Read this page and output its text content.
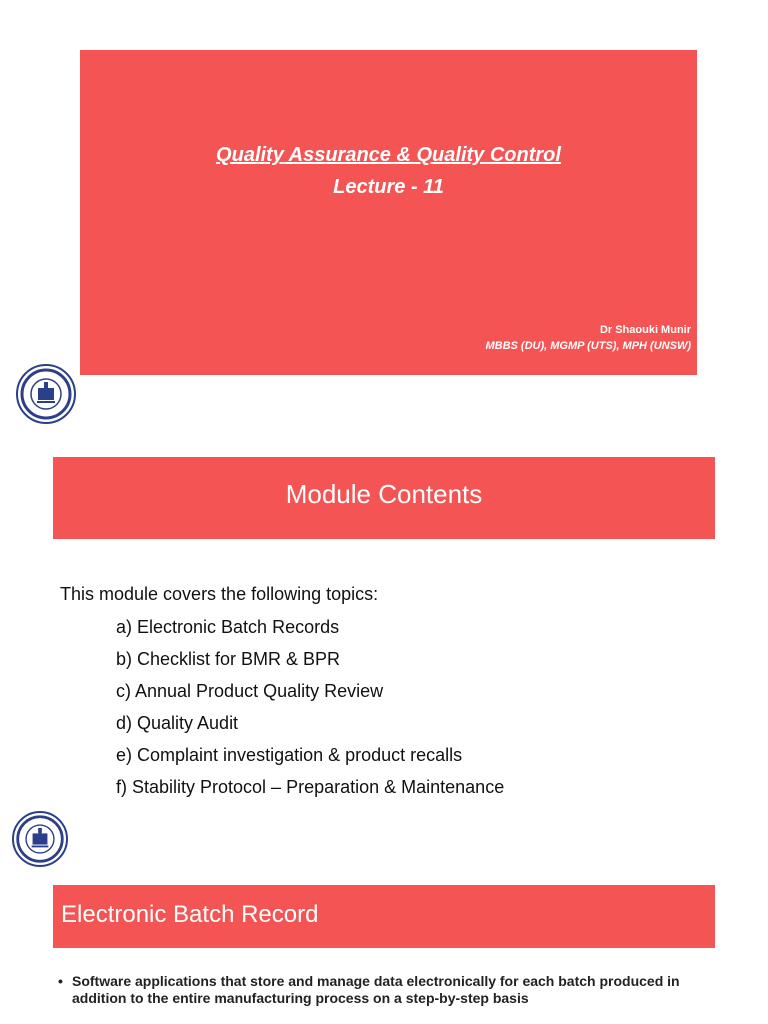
Quality Assurance & Quality Control
Lecture - 11
Dr Shaouki Munir
MBBS (DU), MGMP (UTS), MPH (UNSW)
Module Contents
This module covers the following topics:
a) Electronic Batch Records
b) Checklist for BMR & BPR
c) Annual Product Quality Review
d) Quality Audit
e) Complaint investigation & product recalls
f) Stability Protocol – Preparation & Maintenance
Electronic Batch Record
• Software applications that store and manage data electronically for each batch produced in addition to the entire manufacturing process on a step-by-step basis
